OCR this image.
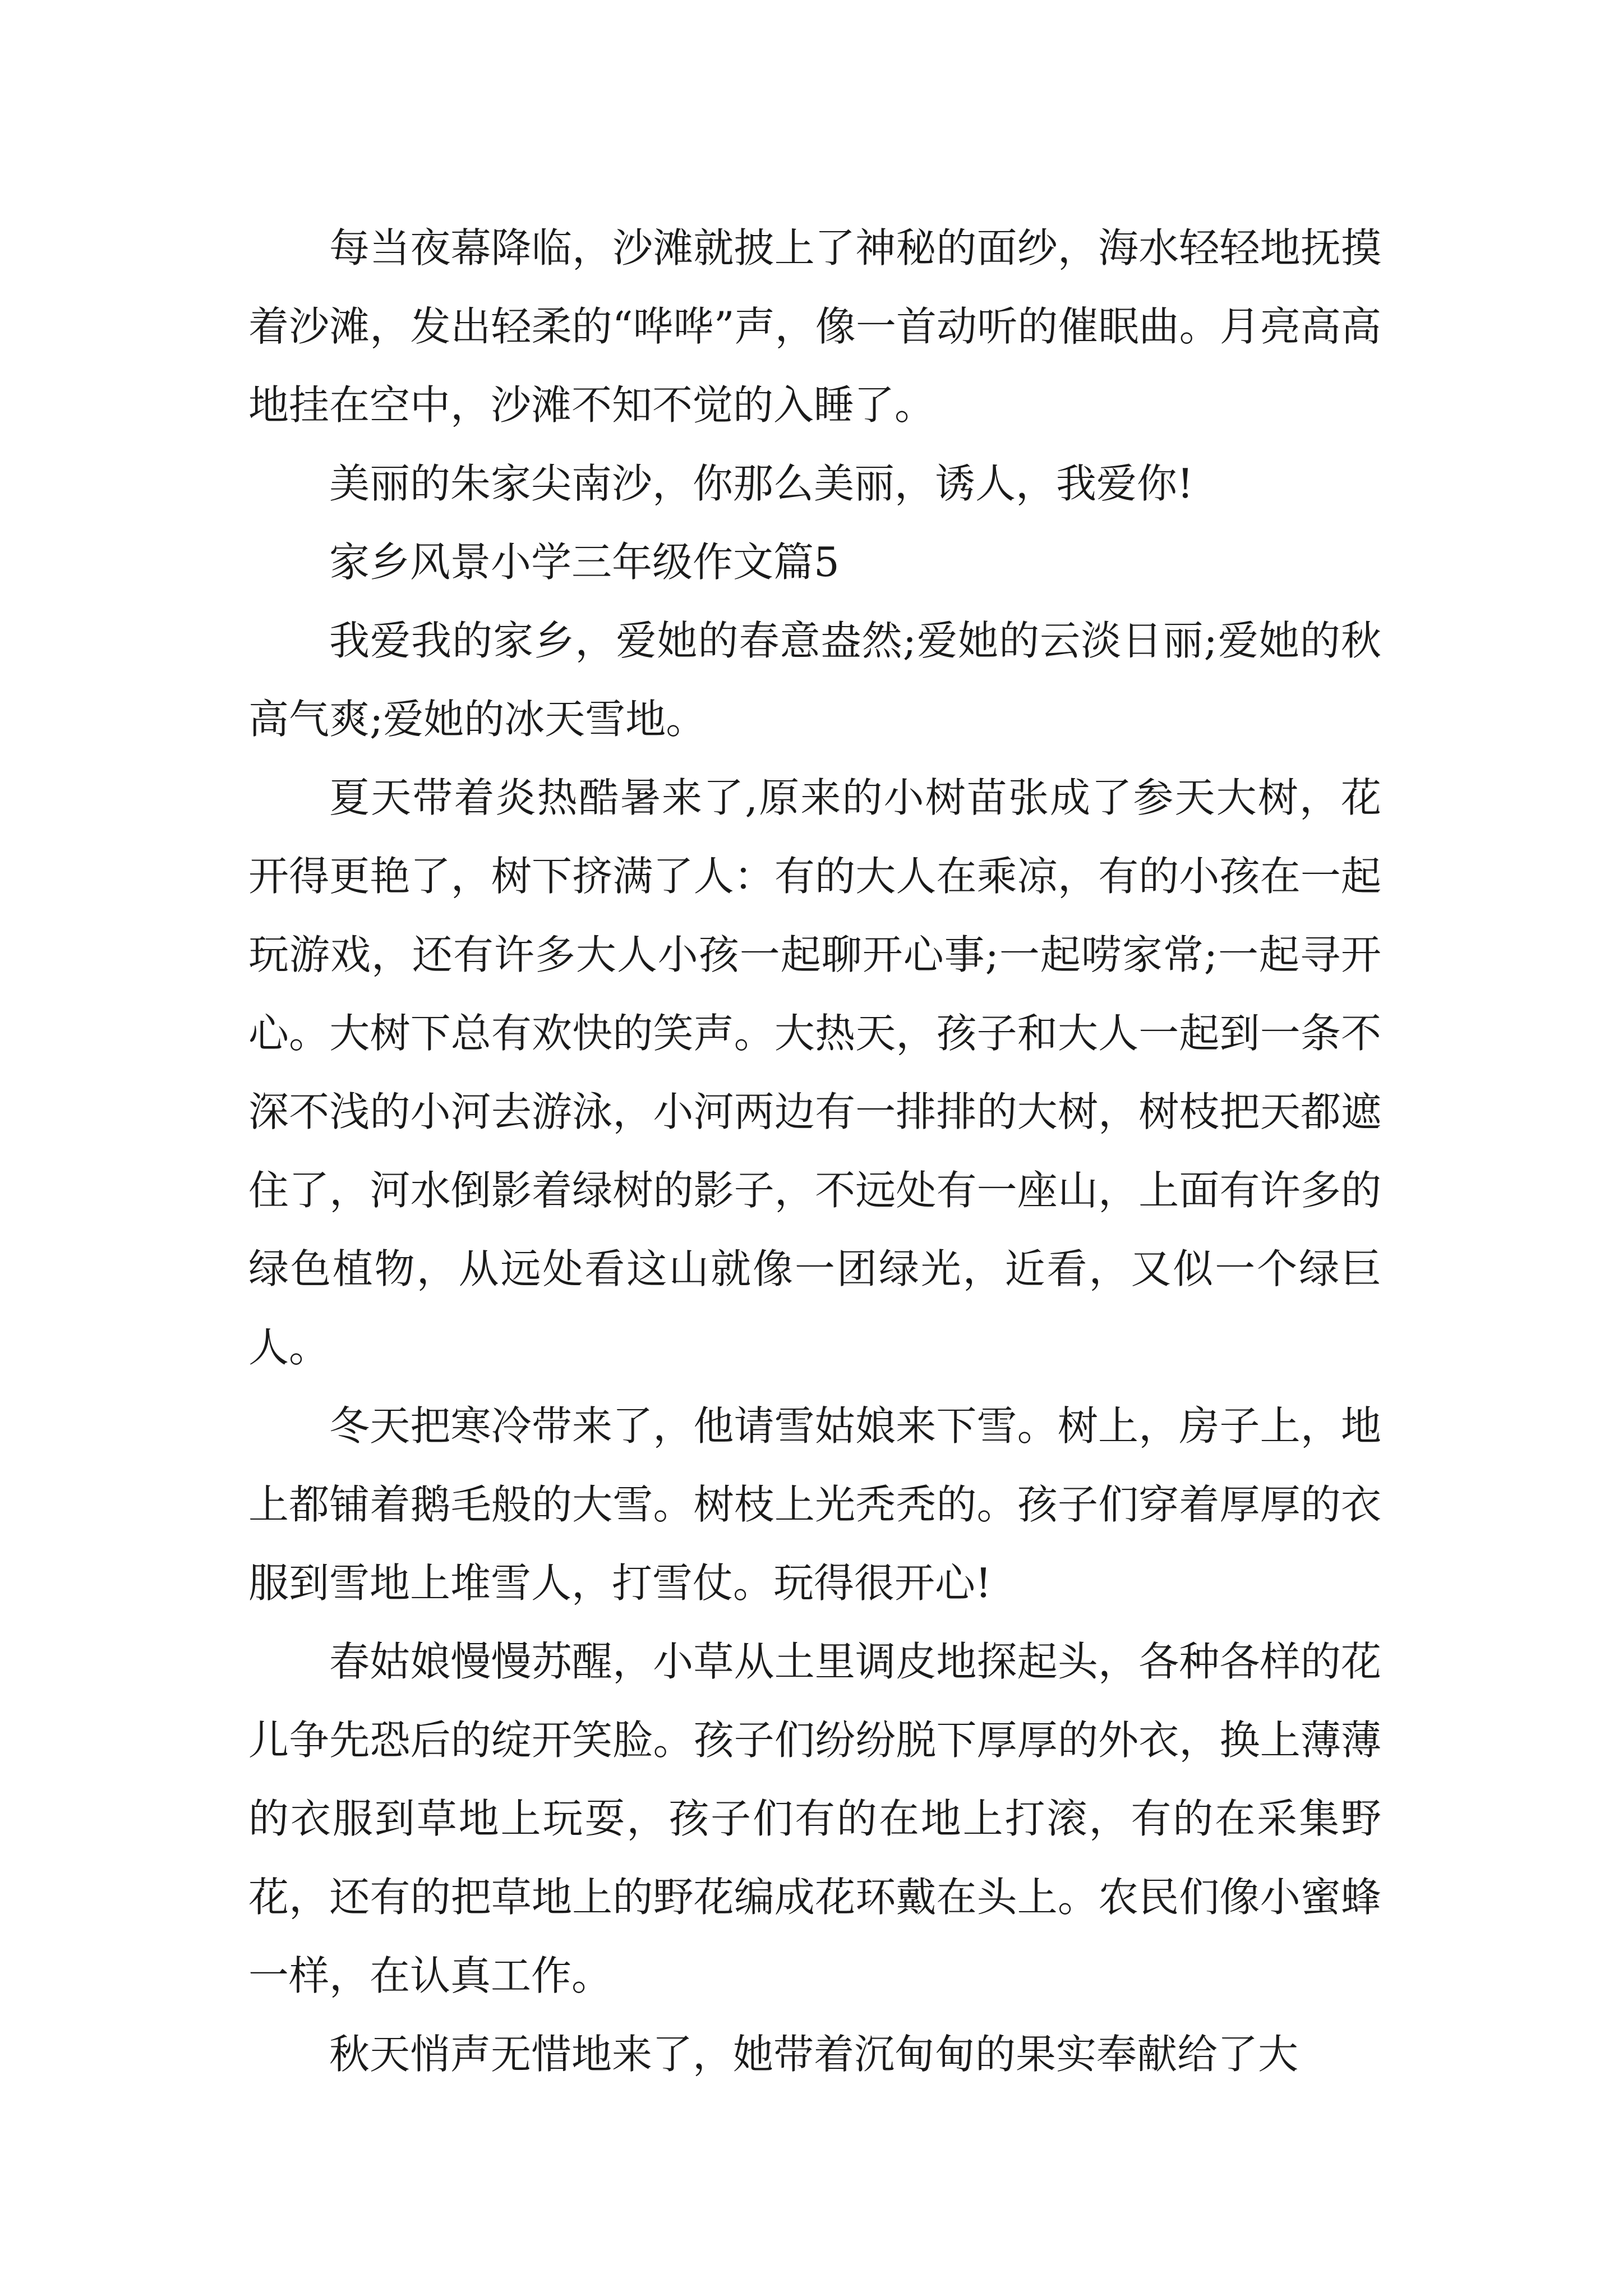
每当夜幕降临，沙滩就披上了神秘的面纱，海水轻轻地抚摸着沙滩，发出轻柔的“哗哗”声，像一首动听的催眠曲。月亮高高地挂在空中，沙滩不知不觉的入睡了。

美丽的朱家尖南沙，你那么美丽，诱人，我爱你!

家乡风景小学三年级作文篇5

我爱我的家乡，爱她的春意盎然;爱她的云淡日丽;爱她的秋高气爽;爱她的冰天雪地。

夏天带着炎热酷暑来了,原来的小树苗张成了参天大树，花开得更艳了，树下挤满了人：有的大人在乘凉，有的小孩在一起玩游戏，还有许多大人小孩一起聊开心事;一起唠家常;一起寻开心。大树下总有欢快的笑声。大热天，孩子和大人一起到一条不深不浅的小河去游泳，小河两边有一排排的大树，树枝把天都遮住了，河水倒影着绿树的影子，不远处有一座山，上面有许多的绿色植物，从远处看这山就像一团绿光，近看，又似一个绿巨人。

冬天把寒冷带来了，他请雪姑娘来下雪。树上，房子上，地上都铺着鹅毛般的大雪。树枝上光秃秃的。孩子们穿着厚厚的衣服到雪地上堆雪人，打雪仗。玩得很开心!

春姑娘慢慢苏醒，小草从土里调皮地探起头，各种各样的花儿争先恐后的绽开笑脸。孩子们纷纷脱下厚厚的外衣，换上薄薄的衣服到草地上玩耍，孩子们有的在地上打滚，有的在采集野花，还有的把草地上的野花编成花环戴在头上。农民们像小蜜蜂一样，在认真工作。

秋天悄声无惜地来了，她带着沉甸甸的果实奉献给了大
